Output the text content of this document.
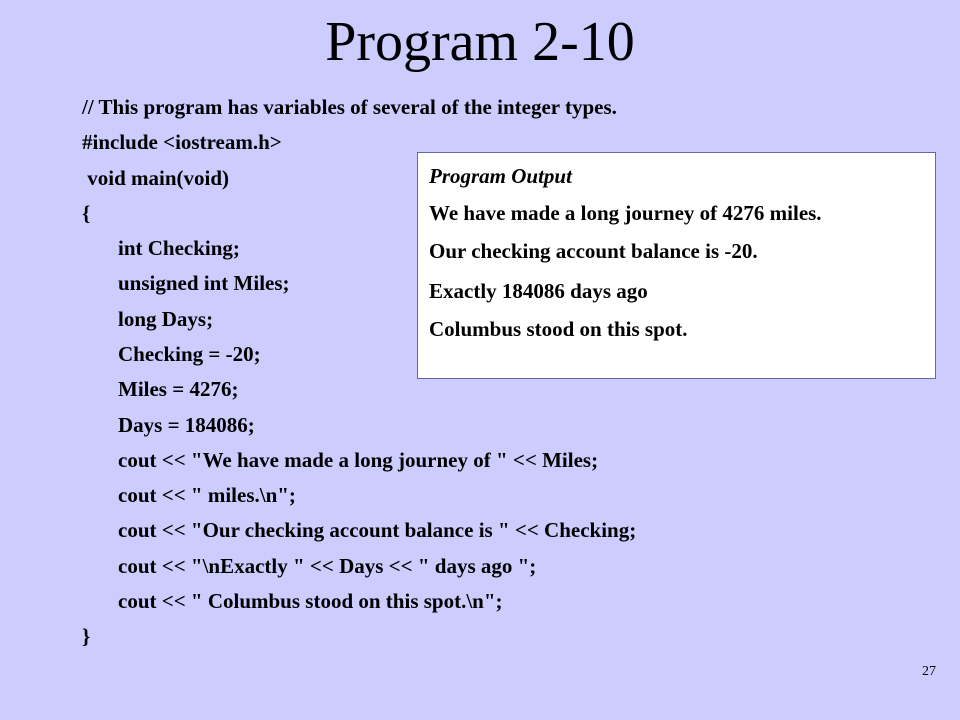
Program 2-10
// This program has variables of several of the integer types.
#include <iostream.h>
void main(void)
{
int Checking;
unsigned int Miles;
long Days;
Checking = -20;
Miles = 4276;
Days = 184086;
cout << "We have made a long journey of " << Miles;
cout << " miles.\n";
cout << "Our checking account balance is " << Checking;
cout << "\nExactly " << Days << " days ago ";
cout << " Columbus stood on this spot.\n";
}
Program Output
We have made a long journey of 4276 miles.
Our checking account balance is -20.
Exactly 184086 days ago
Columbus stood on this spot.
27
